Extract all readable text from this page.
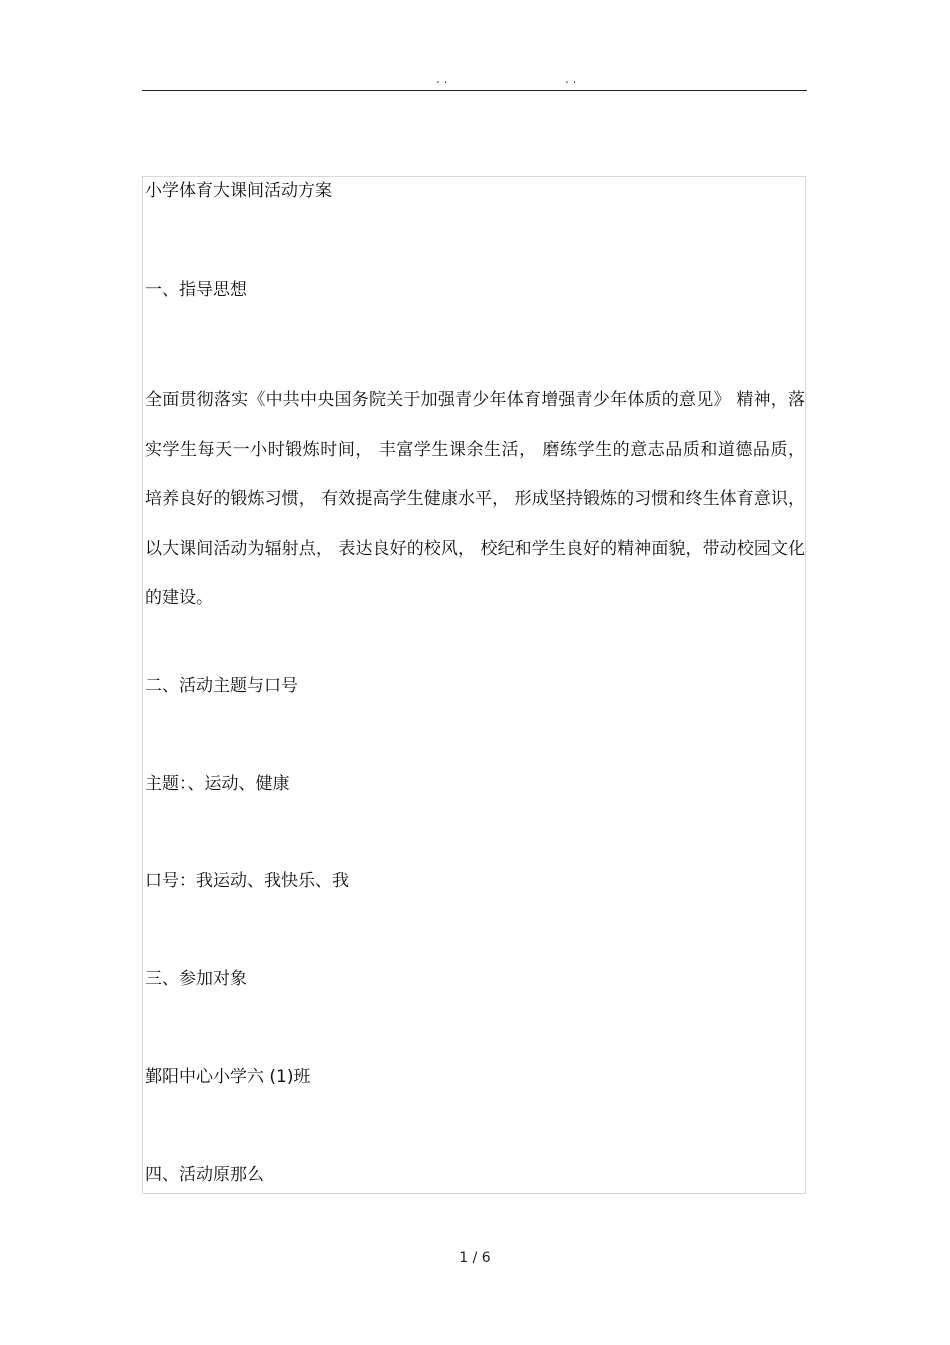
. .	. .
小学体育大课间活动方案
一、指导思想
全面贯彻落实《中共中央国务院关于加强青少年体育增强青少年体质的意见》 精神，落实学生每天一小时锻炼时间， 丰富学生课余生活， 磨练学生的意志品质和道德品质， 培养良好的锻炼习惯， 有效提高学生健康水平， 形成坚持锻炼的习惯和终生体育意识， 以大课间活动为辐射点， 表达良好的校风， 校纪和学生良好的精神面貌，带动校园文化的建设。
二、活动主题与口号
主题：、运动、健康
口号：我运动、我快乐、我
三、参加对象
鄞阳中心小学六 (1)班
四、活动原那么
1 / 6
